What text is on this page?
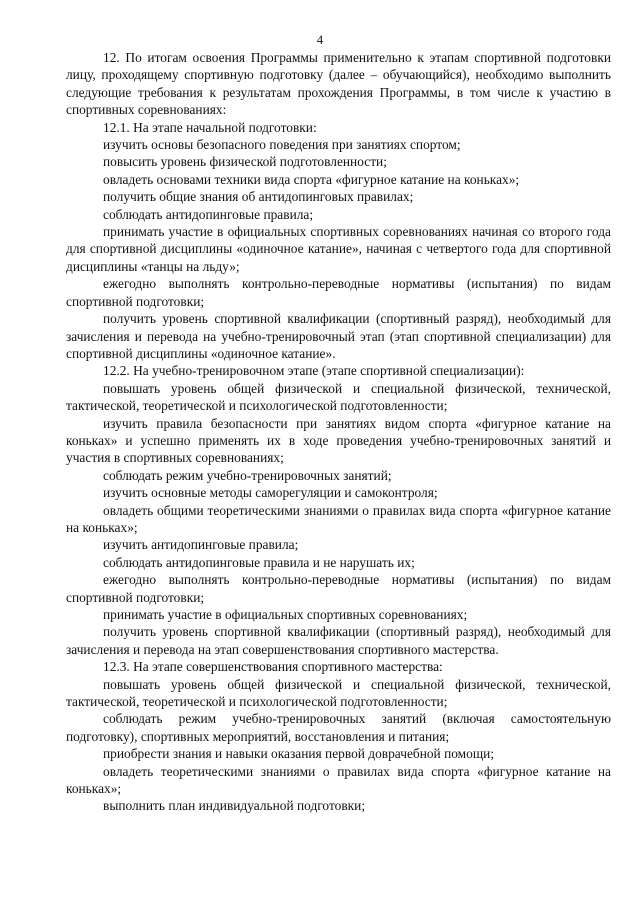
4

12. По итогам освоения Программы применительно к этапам спортивной подготовки лицу, проходящему спортивную подготовку (далее – обучающийся), необходимо выполнить следующие требования к результатам прохождения Программы, в том числе к участию в спортивных соревнованиях:

12.1. На этапе начальной подготовки:

изучить основы безопасного поведения при занятиях спортом;

повысить уровень физической подготовленности;

овладеть основами техники вида спорта «фигурное катание на коньках»;

получить общие знания об антидопинговых правилах;

соблюдать антидопинговые правила;

принимать участие в официальных спортивных соревнованиях начиная со второго года для спортивной дисциплины «одиночное катание», начиная с четвертого года для спортивной дисциплины «танцы на льду»;

ежегодно выполнять контрольно-переводные нормативы (испытания) по видам спортивной подготовки;

получить уровень спортивной квалификации (спортивный разряд), необходимый для зачисления и перевода на учебно-тренировочный этап (этап спортивной специализации) для спортивной дисциплины «одиночное катание».

12.2. На учебно-тренировочном этапе (этапе спортивной специализации):

повышать уровень общей физической и специальной физической, технической, тактической, теоретической и психологической подготовленности;

изучить правила безопасности при занятиях видом спорта «фигурное катание на коньках» и успешно применять их в ходе проведения учебно-тренировочных занятий и участия в спортивных соревнованиях;

соблюдать режим учебно-тренировочных занятий;

изучить основные методы саморегуляции и самоконтроля;

овладеть общими теоретическими знаниями о правилах вида спорта «фигурное катание на коньках»;

изучить антидопинговые правила;

соблюдать антидопинговые правила и не нарушать их;

ежегодно выполнять контрольно-переводные нормативы (испытания) по видам спортивной подготовки;

принимать участие в официальных спортивных соревнованиях;

получить уровень спортивной квалификации (спортивный разряд), необходимый для зачисления и перевода на этап совершенствования спортивного мастерства.

12.3. На этапе совершенствования спортивного мастерства:

повышать уровень общей физической и специальной физической, технической, тактической, теоретической и психологической подготовленности;

соблюдать режим учебно-тренировочных занятий (включая самостоятельную подготовку), спортивных мероприятий, восстановления и питания;

приобрести знания и навыки оказания первой доврачебной помощи;

овладеть теоретическими знаниями о правилах вида спорта «фигурное катание на коньках»;

выполнить план индивидуальной подготовки;
